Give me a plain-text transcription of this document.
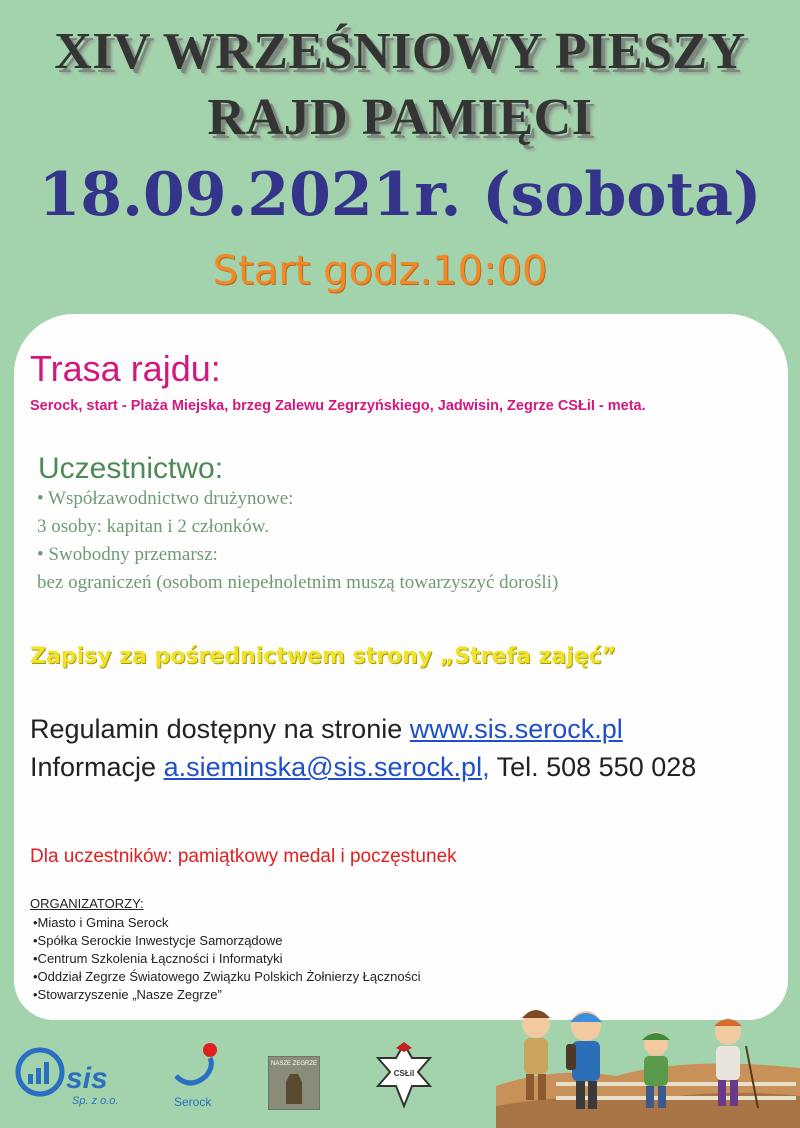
XIV WRZEŚNIOWY PIESZY
RAJD PAMIĘCI
18.09.2021r. (sobota)
Start godz.10:00
Trasa rajdu:
Serock, start - Plaża Miejska, brzeg Zalewu Zegrzyńskiego, Jadwisin, Zegrze CSŁiI - meta.
Uczestnictwo:
• Współzawodnictwo drużynowe:
3 osoby: kapitan i 2 członków.
• Swobodny przemarsz:
bez ograniczeń (osobom niepełnoletnim muszą towarzyszyć dorośli)
Zapisy za pośrednictwem strony „Strefa zajęć”
Regulamin dostępny na stronie www.sis.serock.pl
Informacje a.sieminska@sis.serock.pl, Tel. 508 550 028
Dla uczestników: pamiątkowy medal i poczęstunek
ORGANIZATORZY:
•Miasto i Gmina Serock
•Spółka Serockie Inwestycje Samorządowe
•Centrum Szkolenia Łączności i Informatyki
•Oddział Zegrze Światowego Związku Polskich Żołnierzy Łączności
•Stowarzyszenie „Nasze Zegrze”
sis
Sp. z o.o.	Serock
NASZE ZEGRZE
CSŁiI
